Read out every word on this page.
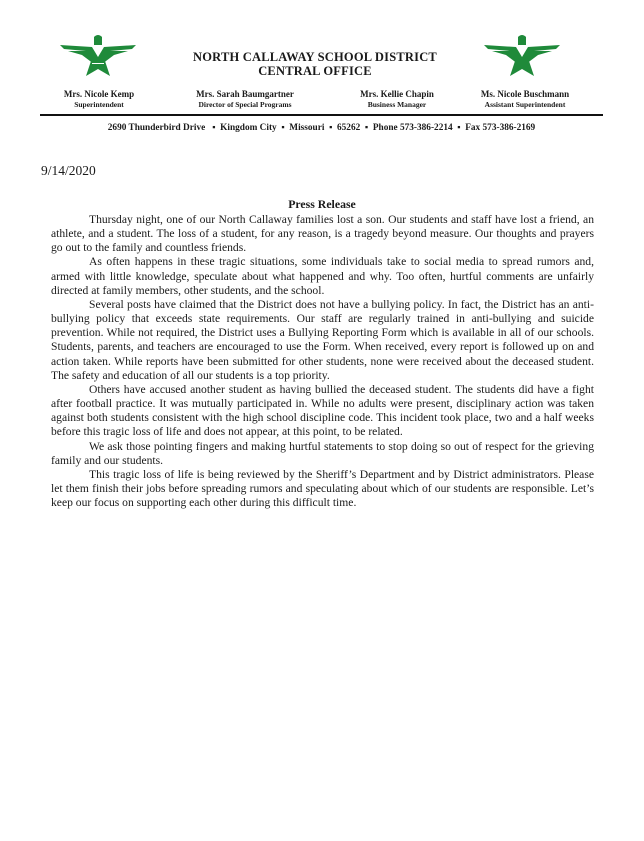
NORTH CALLAWAY SCHOOL DISTRICT
CENTRAL OFFICE
Mrs. Nicole Kemp
Superintendent
Mrs. Sarah Baumgartner
Director of Special Programs
Mrs. Kellie Chapin
Business Manager
Ms. Nicole Buschmann
Assistant Superintendent
2690 Thunderbird Drive   ▪  Kingdom City  ▪  Missouri  ▪  65262  ▪  Phone 573-386-2214  ▪  Fax 573-386-2169
9/14/2020
Press Release

Thursday night, one of our North Callaway families lost a son. Our students and staff have lost a friend, an athlete, and a student. The loss of a student, for any reason, is a tragedy beyond measure. Our thoughts and prayers go out to the family and countless friends.

As often happens in these tragic situations, some individuals take to social media to spread rumors and, armed with little knowledge, speculate about what happened and why. Too often, hurtful comments are unfairly directed at family members, other students, and the school.

Several posts have claimed that the District does not have a bullying policy. In fact, the District has an anti-bullying policy that exceeds state requirements. Our staff are regularly trained in anti-bullying and suicide prevention. While not required, the District uses a Bullying Reporting Form which is available in all of our schools. Students, parents, and teachers are encouraged to use the Form. When received, every report is followed up on and action taken. While reports have been submitted for other students, none were received about the deceased student. The safety and education of all our students is a top priority.

Others have accused another student as having bullied the deceased student. The students did have a fight after football practice. It was mutually participated in. While no adults were present, disciplinary action was taken against both students consistent with the high school discipline code. This incident took place, two and a half weeks before this tragic loss of life and does not appear, at this point, to be related.

We ask those pointing fingers and making hurtful statements to stop doing so out of respect for the grieving family and our students.

This tragic loss of life is being reviewed by the Sheriff’s Department and by District administrators. Please let them finish their jobs before spreading rumors and speculating about which of our students are responsible. Let’s keep our focus on supporting each other during this difficult time.
